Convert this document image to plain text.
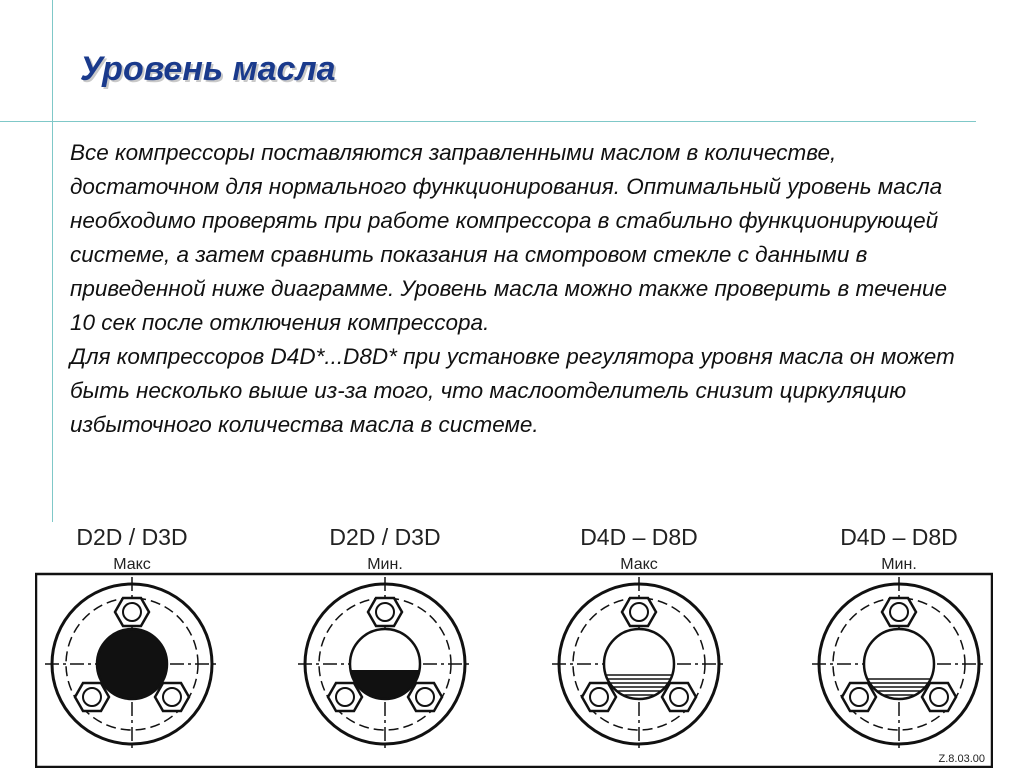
Уровень масла

Все компрессоры поставляются заправленными маслом в количестве, достаточном для нормального функционирования. Оптимальный уровень масла необходимо проверять при работе компрессора в стабильно функционирующей системе, а затем сравнить показания на смотровом стекле с данными в приведенной ниже диаграмме. Уровень масла можно также проверить в течение 10 сек после отключения компрессора.

Для компрессоров D4D*...D8D* при установке регулятора уровня масла он может быть несколько выше из-за того, что маслоотделитель снизит циркуляцию избыточного количества масла в системе.

D2D / D3D
Макс
D2D / D3D
Мин.
D4D – D8D
Макс
D4D – D8D
Мин.
Z.8.03.00
